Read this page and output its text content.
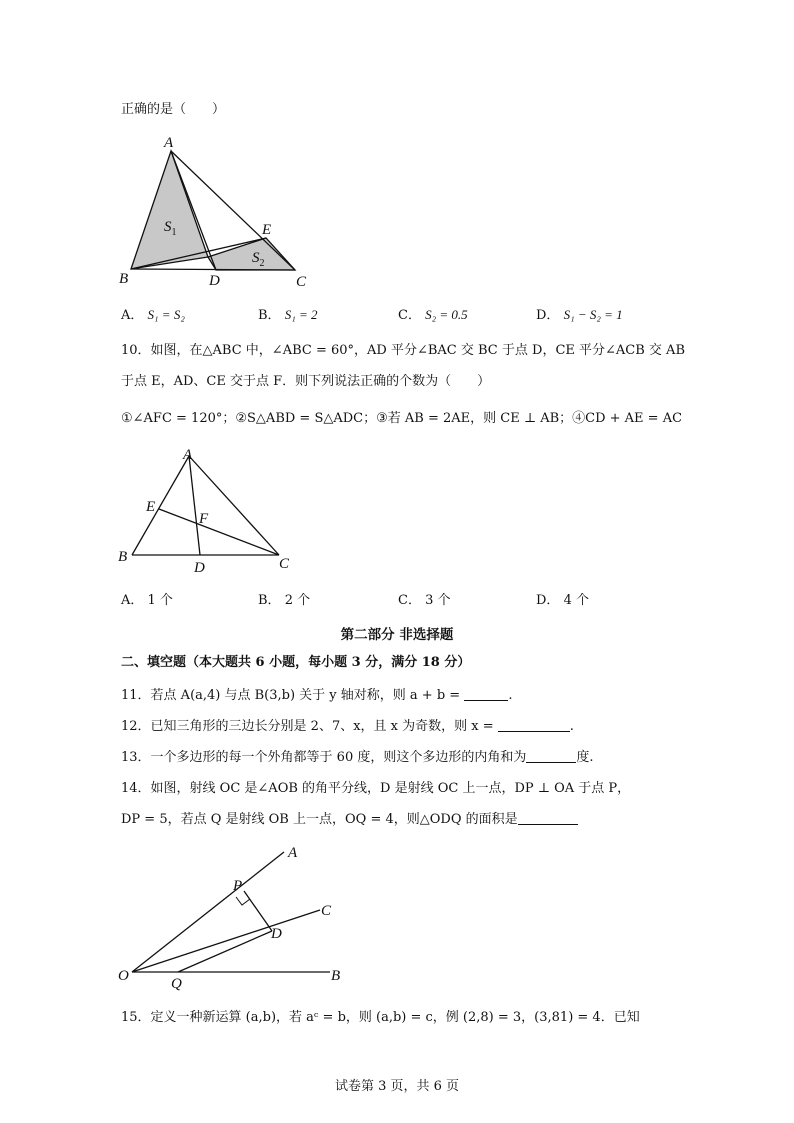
正确的是（　　）
A
B	C
D
E
$S_1$
$S_2$
A． S₁ = S₂	B． S₁ = 2	C． S₂ = 0.5	D． S₁ − S₂ = 1
10．如图，在△ABC 中，∠ABC = 60°，AD 平分∠BAC 交 BC 于点 D，CE 平分∠ACB 交 AB
于点 E，AD、CE 交于点 F．则下列说法正确的个数为（　　）
①∠AFC = 120°；②S△ABD = S△ADC；③若 AB = 2AE，则 CE ⊥ AB；④CD + AE = AC
A
B	C
D
E
F
A． 1 个	B． 2 个	C． 3 个	D． 4 个
第二部分 非选择题
二、填空题（本大题共 6 小题，每小题 3 分，满分 18 分）
11．若点 A(a,4) 与点 B(3,b) 关于 y 轴对称，则 a + b =	.
12．已知三角形的三边长分别是 2、7、x，且 x 为奇数，则 x =	.
13．一个多边形的每一个外角都等于 60 度，则这个多边形的内角和为	度.
14．如图，射线 OC 是∠AOB 的角平分线，D 是射线 OC 上一点，DP ⊥ OA 于点 P，
DP = 5，若点 Q 是射线 OB 上一点，OQ = 4，则△ODQ 的面积是
O
A
B
C
D
P
Q
15．定义一种新运算 (a,b)，若 aᶜ = b，则 (a,b) = c，例 (2,8) = 3，(3,81) = 4．已知
试卷第 3 页，共 6 页
